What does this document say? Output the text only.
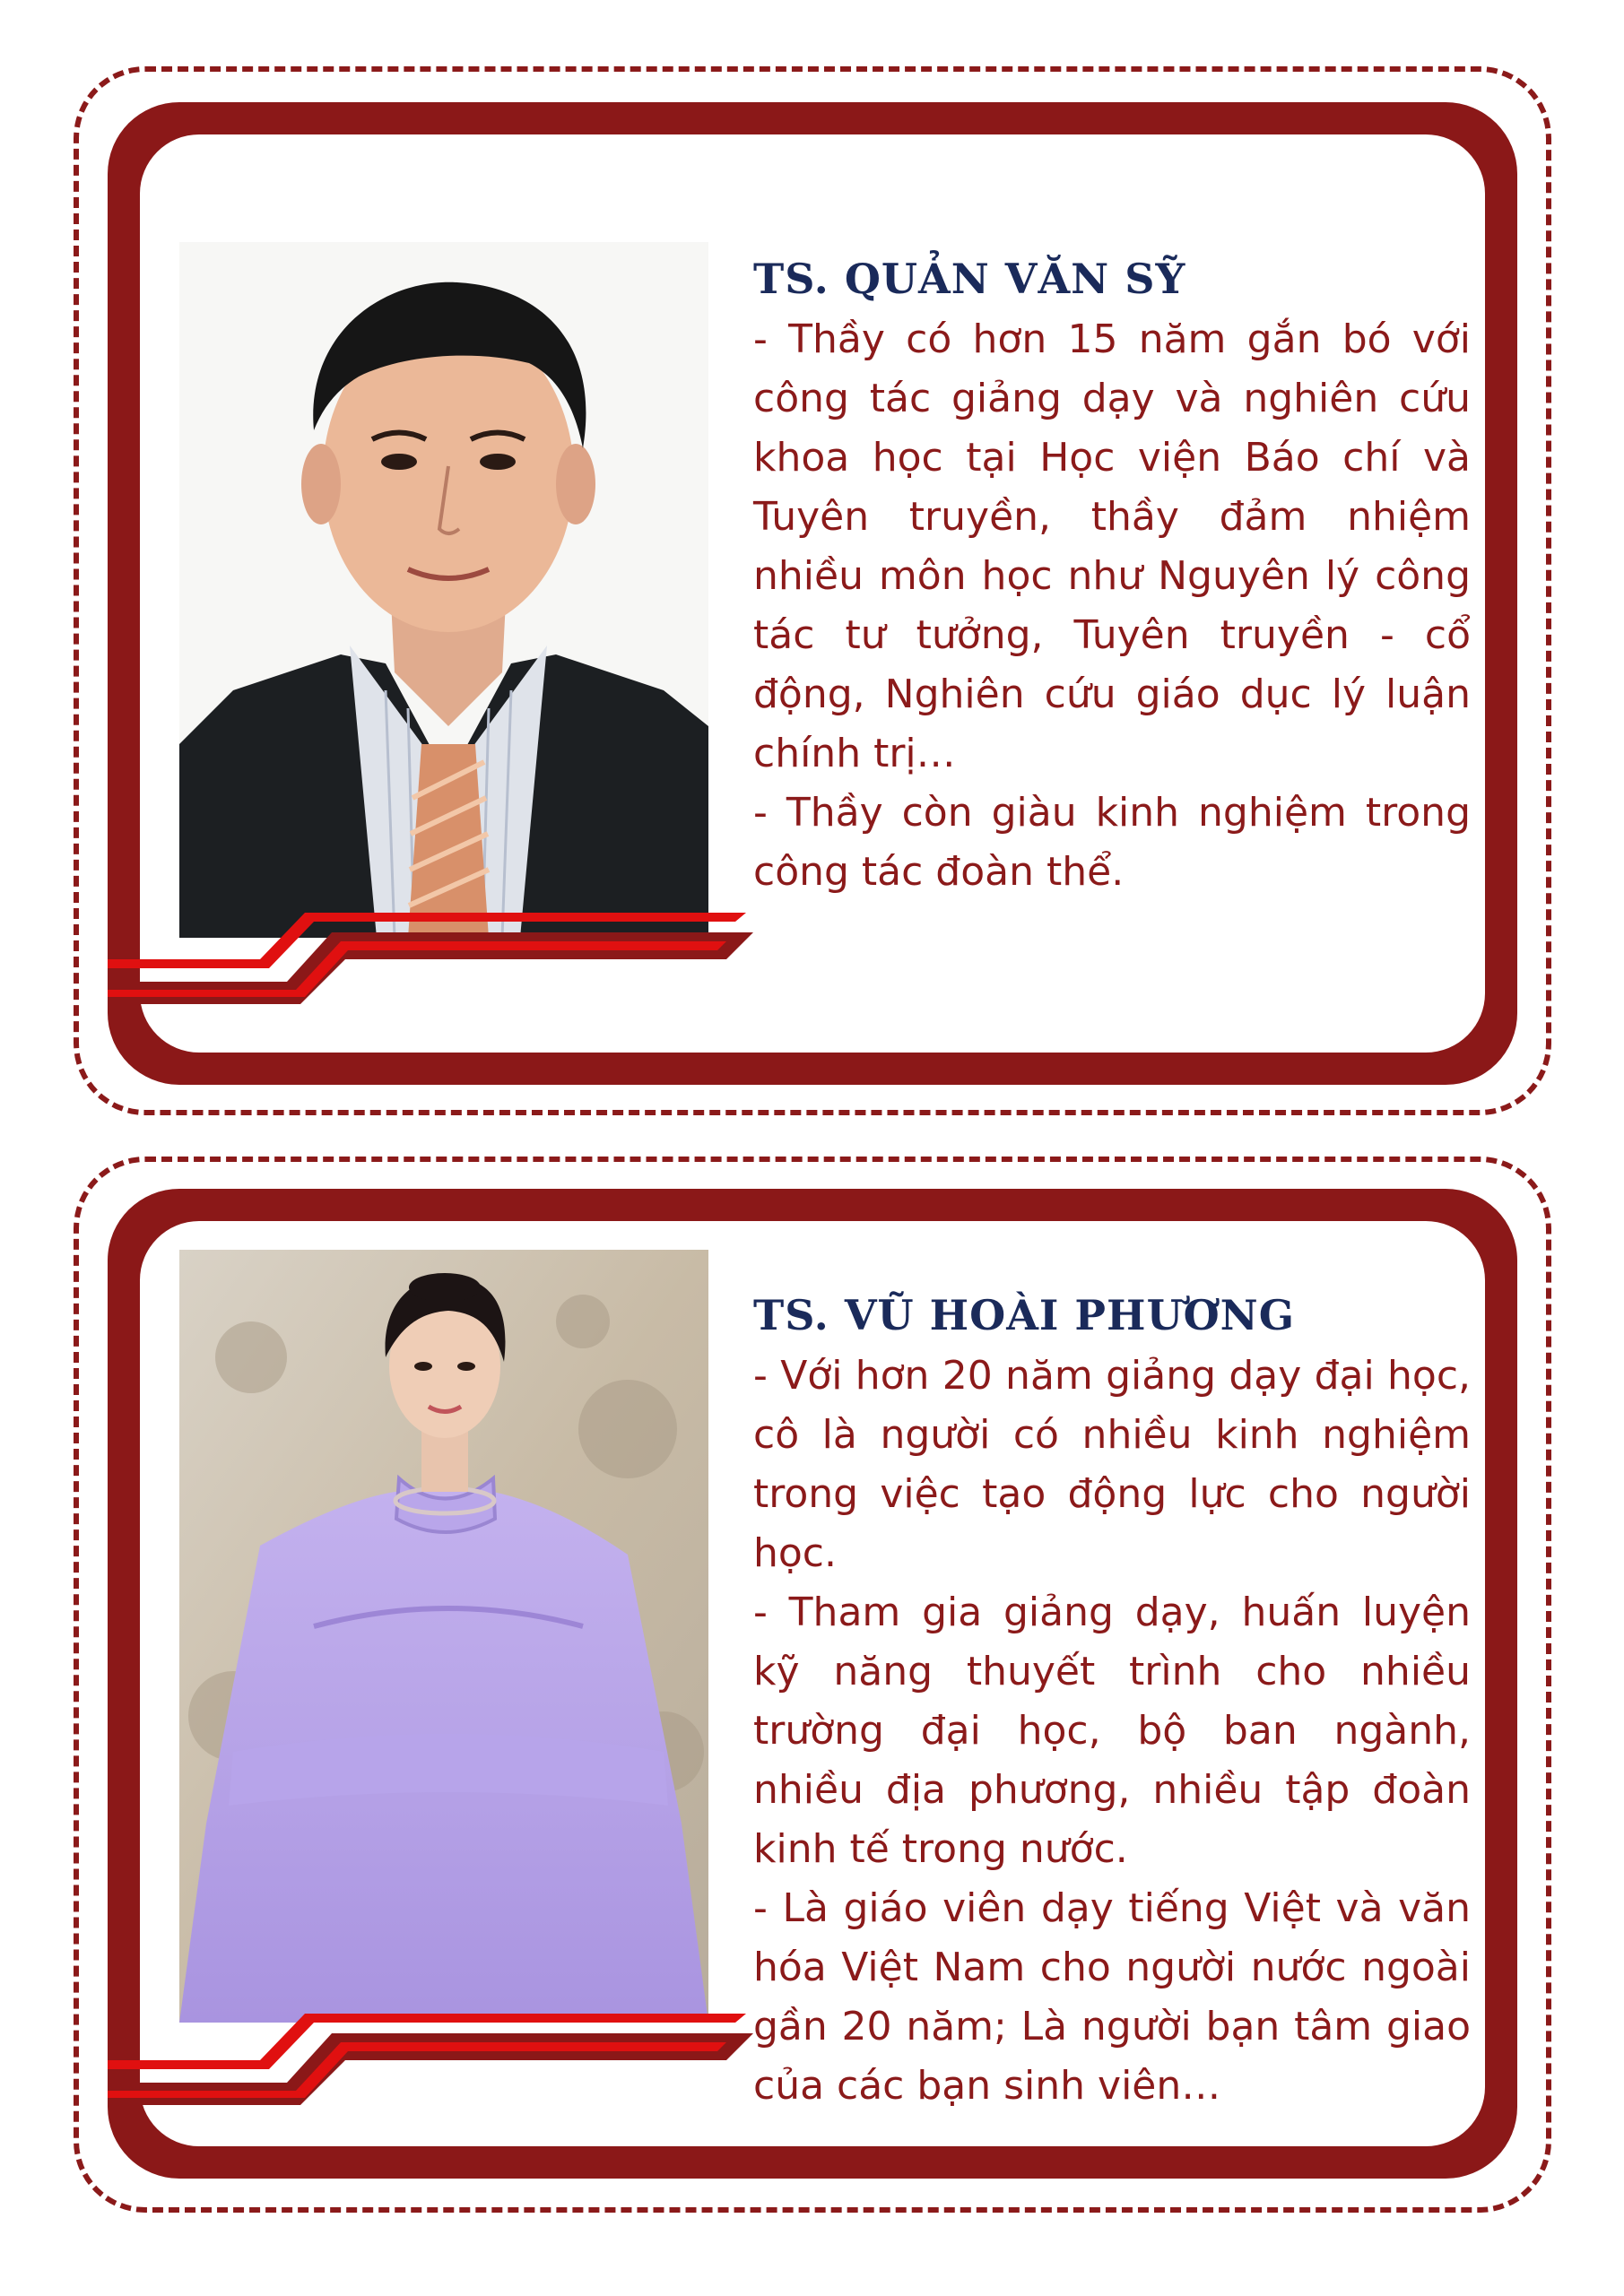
TS. QUẢN VĂN SỸ

- Thầy có hơn 15 năm gắn bó với công tác giảng dạy và nghiên cứu khoa học tại Học viện Báo chí và Tuyên truyền, thầy đảm nhiệm nhiều môn học như Nguyên lý công tác tư tưởng, Tuyên truyền - cổ động, Nghiên cứu giáo dục lý luận chính trị…

- Thầy còn giàu kinh nghiệm trong công tác đoàn thể.

TS. VŨ HOÀI PHƯƠNG

- Với hơn 20 năm giảng dạy đại học, cô là người có nhiều kinh nghiệm trong việc tạo động lực cho người học.

- Tham gia giảng dạy, huấn luyện kỹ năng thuyết trình cho nhiều trường đại học, bộ ban ngành, nhiều địa phương, nhiều tập đoàn kinh tế trong nước.

- Là giáo viên dạy tiếng Việt và văn hóa Việt Nam cho người nước ngoài gần 20 năm; Là người bạn tâm giao của các bạn sinh viên…
